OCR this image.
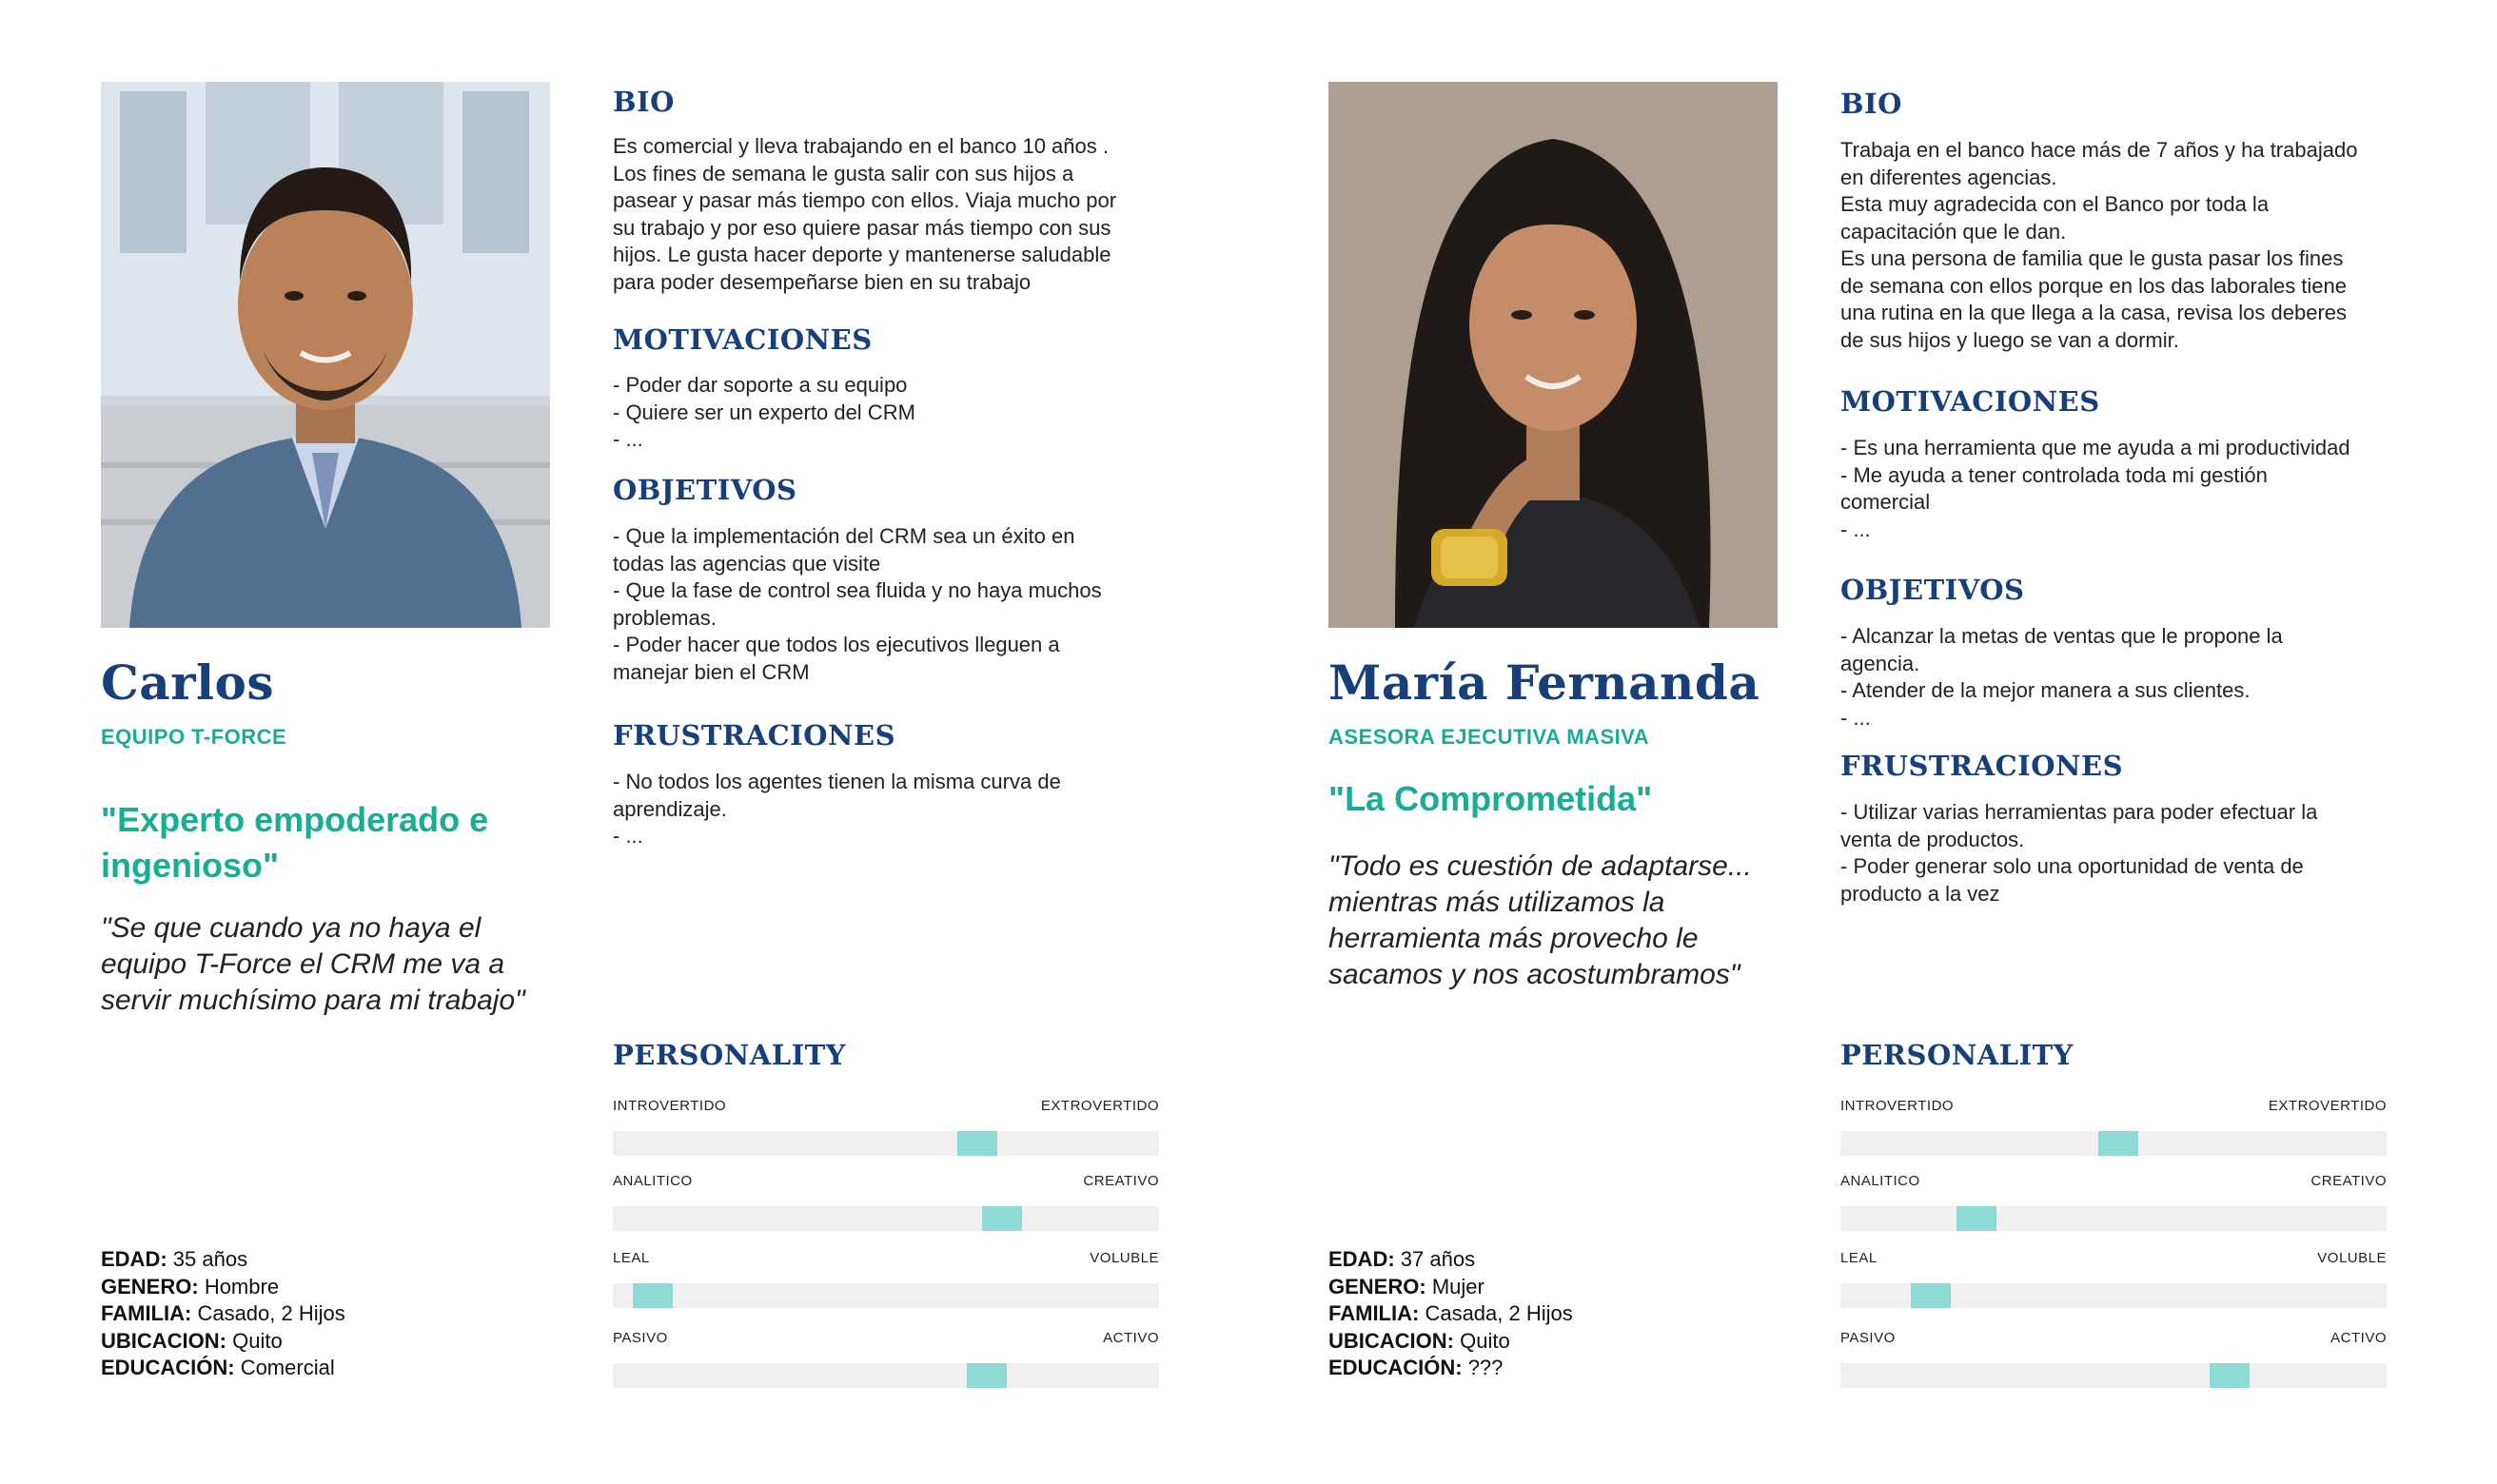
Carlos
EQUIPO T-FORCE
"Experto empoderado e ingenioso"
"Se que cuando ya no haya el equipo T-Force el CRM me va a servir muchísimo para mi trabajo"
EDAD: 35 años
GENERO: Hombre
FAMILIA: Casado, 2 Hijos
UBICACION: Quito
EDUCACIÓN: Comercial
BIO
Es comercial y lleva trabajando en el banco 10 años .
Los fines de semana le gusta salir con sus hijos a
pasear y pasar más tiempo con ellos. Viaja mucho por
su trabajo y por eso quiere pasar más tiempo con sus
hijos. Le gusta hacer deporte y mantenerse saludable
para poder desempeñarse bien en su trabajo
MOTIVACIONES
- Poder dar soporte a su equipo
- Quiere ser un experto del CRM
- ...
OBJETIVOS
- Que la implementación del CRM sea un éxito en
todas las agencias que visite
- Que la fase de control sea fluida y no haya muchos
problemas.
- Poder hacer que todos los ejecutivos lleguen a
manejar bien el CRM
FRUSTRACIONES
- No todos los agentes tienen la misma curva de
aprendizaje.
- ...
PERSONALITY
INTROVERTIDO	EXTROVERTIDO
ANALITICO	CREATIVO
LEAL	VOLUBLE
PASIVO	ACTIVO
María Fernanda
ASESORA EJECUTIVA MASIVA
"La Comprometida"
"Todo es cuestión de adaptarse... mientras más utilizamos la herramienta más provecho le sacamos y nos acostumbramos"
EDAD: 37 años
GENERO: Mujer
FAMILIA: Casada, 2 Hijos
UBICACION: Quito
EDUCACIÓN: ???
BIO
Trabaja en el banco hace más de 7 años y ha trabajado
en diferentes agencias.
Esta muy agradecida con el Banco por toda la
capacitación que le dan.
Es una persona de familia que le gusta pasar los fines
de semana con ellos porque en los das laborales tiene
una rutina en la que llega a la casa, revisa los deberes
de sus hijos y luego se van a dormir.
MOTIVACIONES
- Es una herramienta que me ayuda a mi productividad
- Me ayuda a tener controlada toda mi gestión
comercial
- ...
OBJETIVOS
- Alcanzar la metas de ventas que le propone la
agencia.
- Atender de la mejor manera a sus clientes.
- ...
FRUSTRACIONES
- Utilizar varias herramientas para poder efectuar la
venta de productos.
- Poder generar solo una oportunidad de venta de
producto a la vez
PERSONALITY
INTROVERTIDO	EXTROVERTIDO
ANALITICO	CREATIVO
LEAL	VOLUBLE
PASIVO	ACTIVO
